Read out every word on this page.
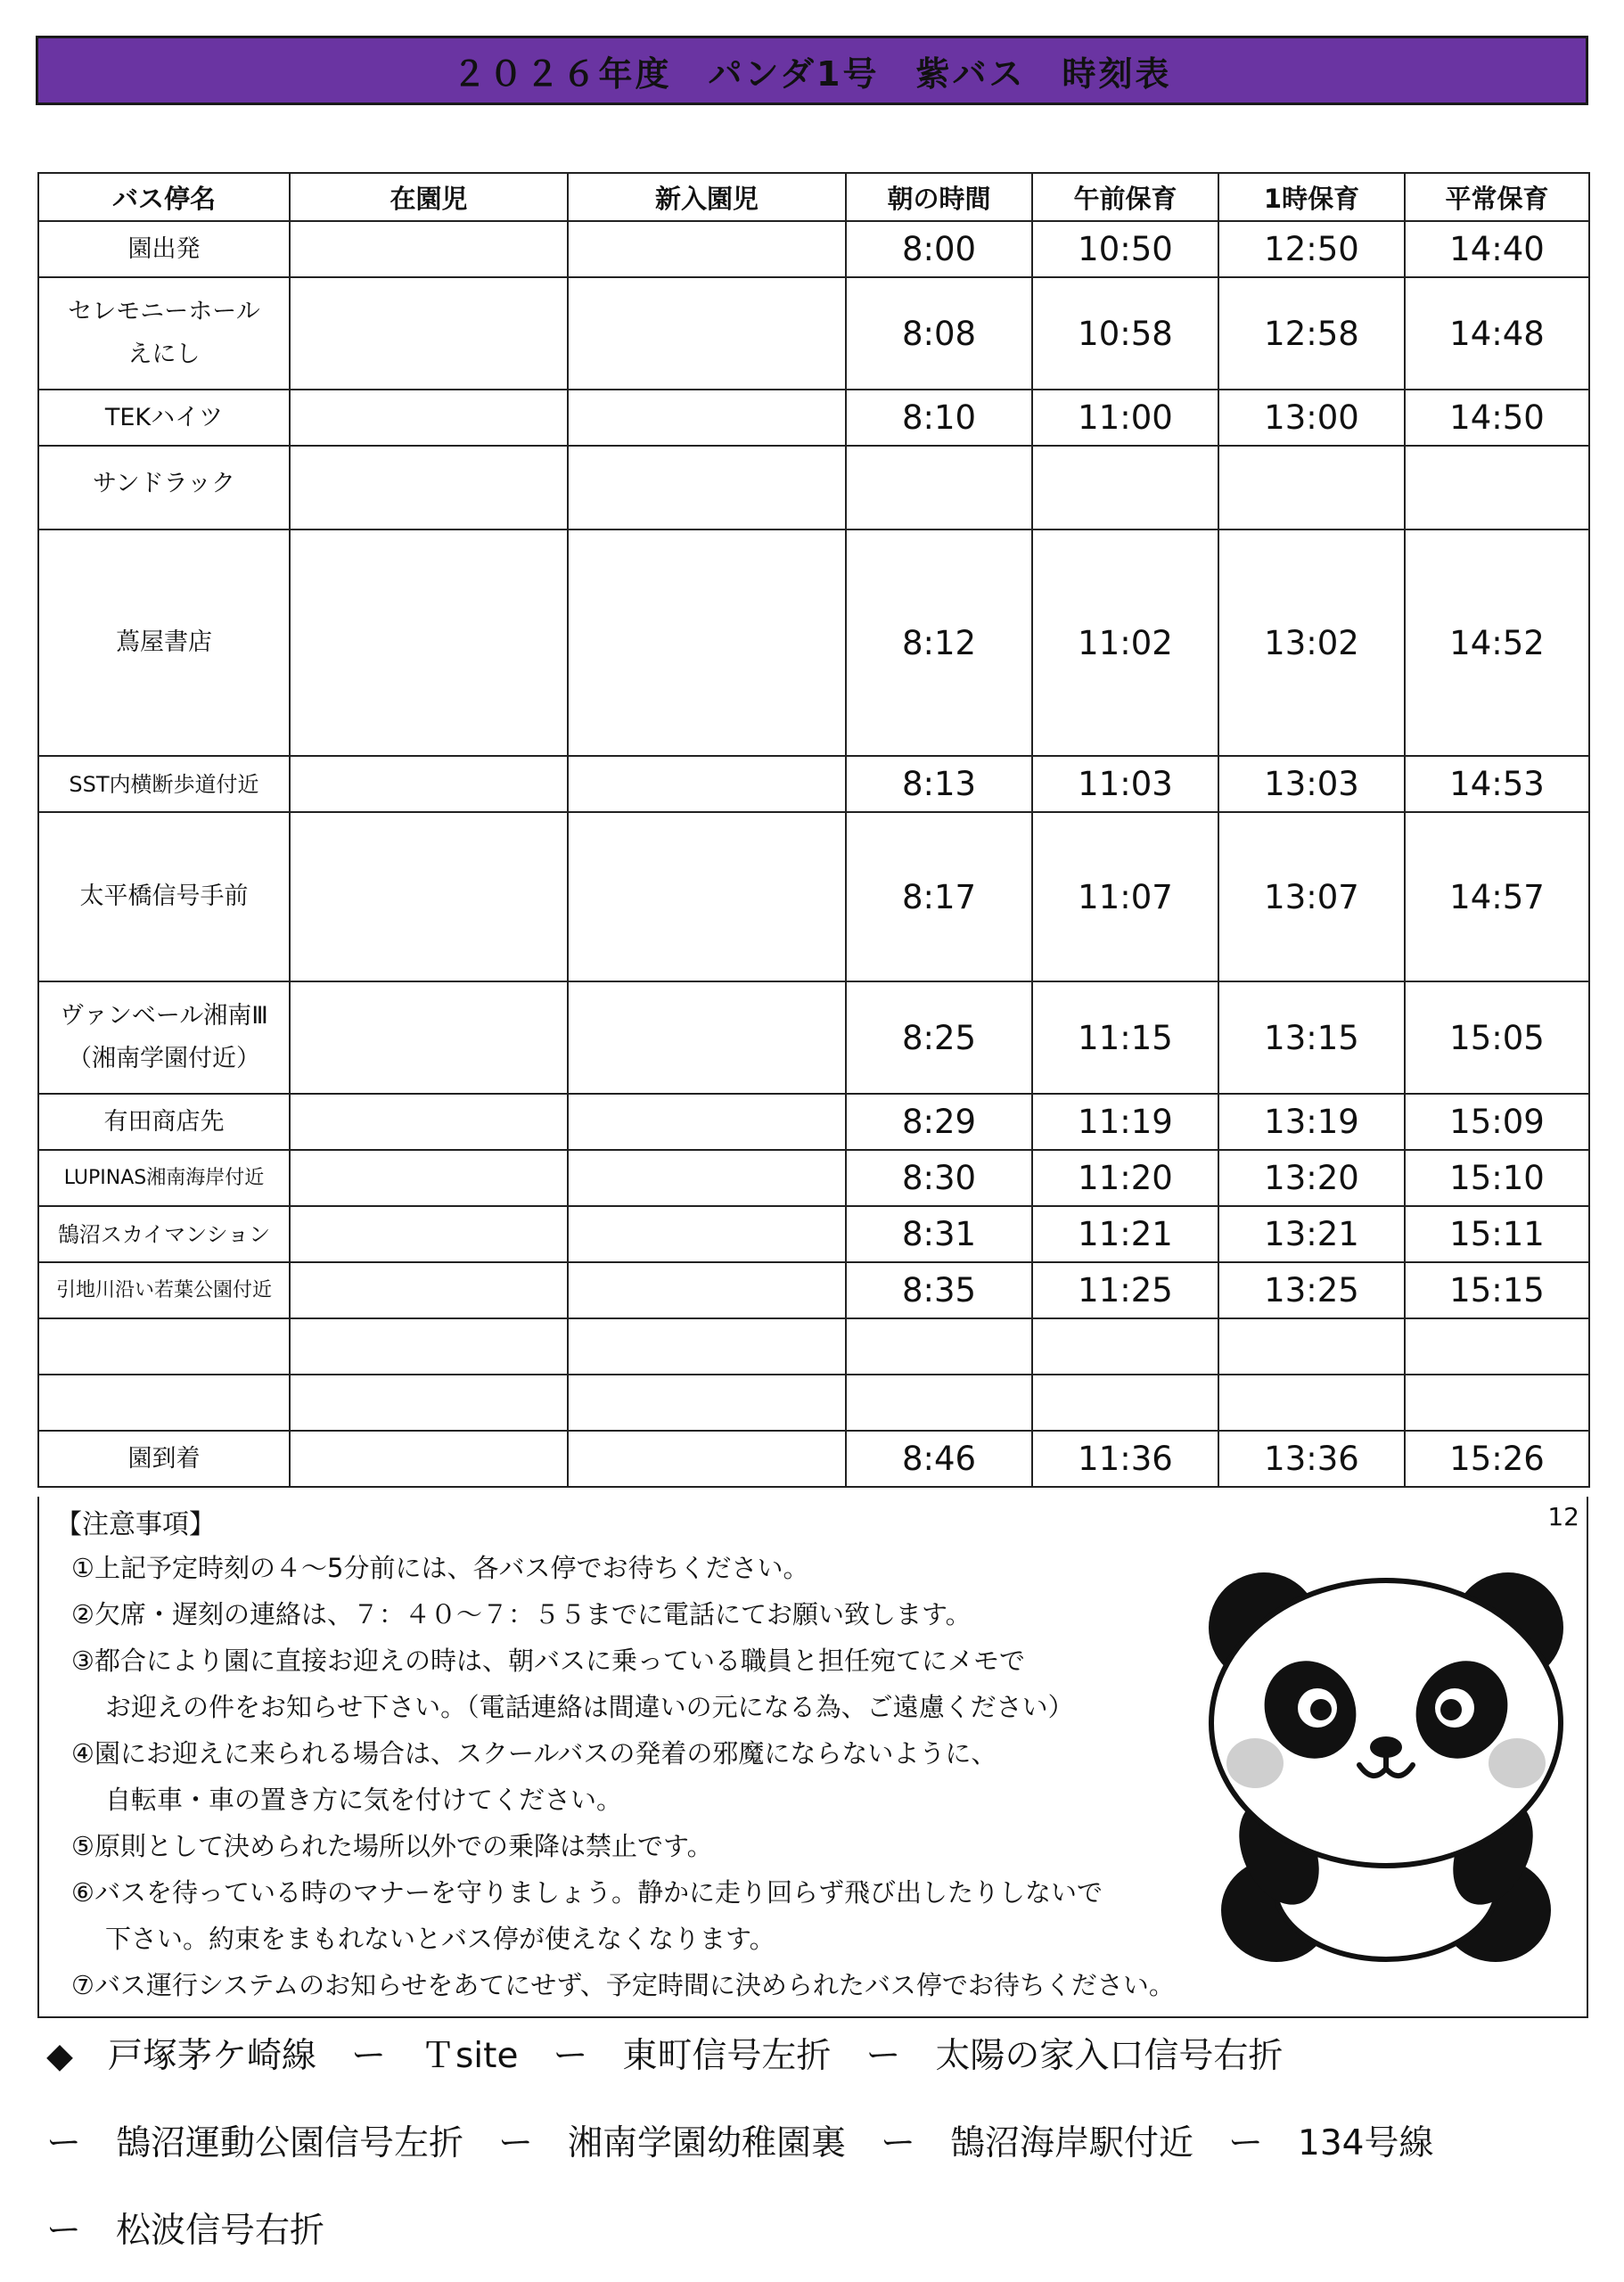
２０２６年度　パンダ1号　紫バス　時刻表
バス停名	在園児	新入園児	朝の時間	午前保育	1時保育	平常保育

園出発			8:00	10:50	12:50	14:40

セレモニーホール
えにし			8:08	10:58	12:58	14:48

TEKハイツ			8:10	11:00	13:00	14:50

サンドラック						

蔦屋書店			8:12	11:02	13:02	14:52

SST内横断歩道付近			8:13	11:03	13:03	14:53

太平橋信号手前			8:17	11:07	13:07	14:57

ヴァンベール湘南Ⅲ
（湘南学園付近）			8:25	11:15	13:15	15:05

有田商店先			8:29	11:19	13:19	15:09

LUPINAS湘南海岸付近			8:30	11:20	13:20	15:10

鵠沼スカイマンション			8:31	11:21	13:21	15:11

引地川沿い若葉公園付近			8:35	11:25	13:25	15:15

園到着			8:46	11:36	13:36	15:26
【注意事項】	12
①上記予定時刻の４～5分前には、各バス停でお待ちください。
②欠席・遅刻の連絡は、７：４０～７：５５までに電話にてお願い致します。
③都合により園に直接お迎えの時は、朝バスに乗っている職員と担任宛てにメモで
お迎えの件をお知らせ下さい。（電話連絡は間違いの元になる為、ご遠慮ください）
④園にお迎えに来られる場合は、スクールバスの発着の邪魔にならないように、
自転車・車の置き方に気を付けてください。
⑤原則として決められた場所以外での乗降は禁止です。
⑥バスを待っている時のマナーを守りましょう。静かに走り回らず飛び出したりしないで
下さい。約束をまもれないとバス停が使えなくなります。
⑦バス運行システムのお知らせをあてにせず、予定時間に決められたバス停でお待ちください。
◆　戸塚茅ケ崎線　ー　Ｔsite　ー　東町信号左折　ー　太陽の家入口信号右折
ー　鵠沼運動公園信号左折　ー　湘南学園幼稚園裏　ー　鵠沼海岸駅付近　ー　134号線
ー　松波信号右折
